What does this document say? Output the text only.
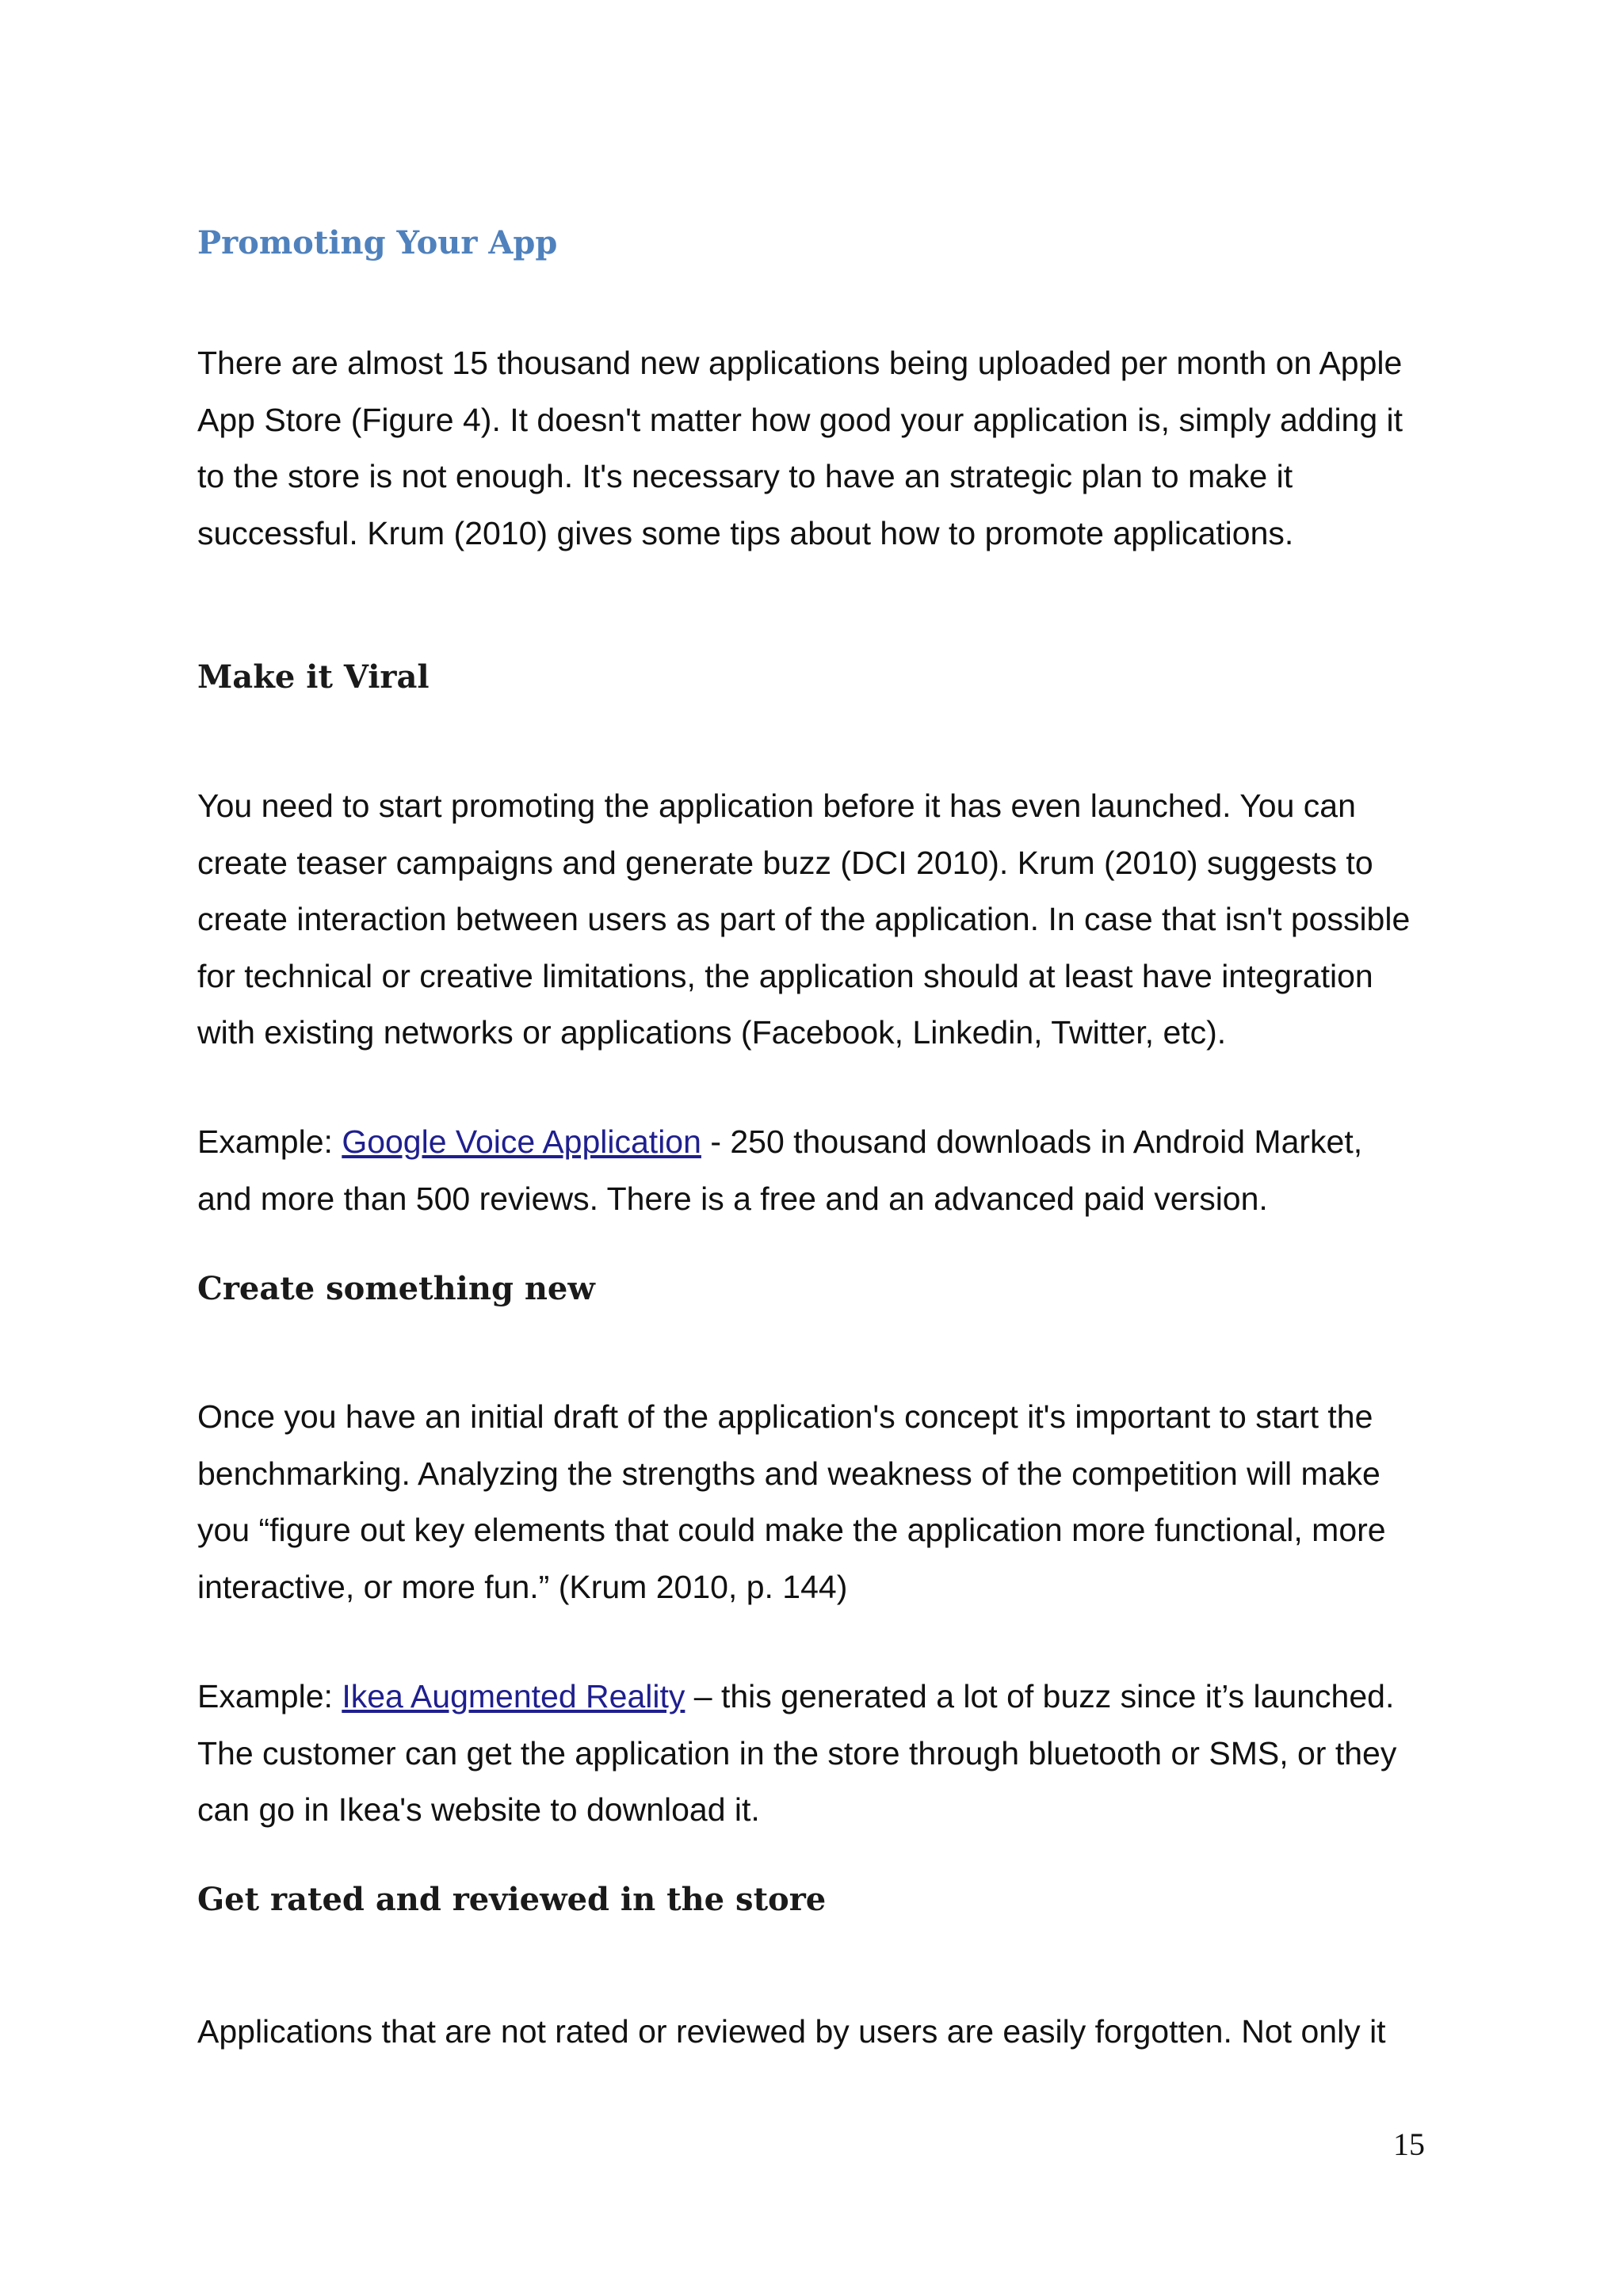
Promoting Your App

There are almost 15 thousand new applications being uploaded per month on Apple
App Store (Figure 4). It doesn't matter how good your application is, simply adding it
to the store is not enough. It's necessary to have an strategic plan to make it
successful. Krum (2010) gives some tips about how to promote applications.

Make it Viral

You need to start promoting the application before it has even launched. You can
create teaser campaigns and generate buzz (DCI 2010). Krum (2010) suggests to
create interaction between users as part of the application. In case that isn't possible
for technical or creative limitations, the application should at least have integration
with existing networks or applications (Facebook, Linkedin, Twitter, etc).

Example: Google Voice Application - 250 thousand downloads in Android Market,
and more than 500 reviews. There is a free and an advanced paid version.

Create something new

Once you have an initial draft of the application's concept it's important to start the
benchmarking. Analyzing the strengths and weakness of the competition will make
you “figure out key elements that could make the application more functional, more
interactive, or more fun.” (Krum 2010, p. 144)

Example: Ikea Augmented Reality – this generated a lot of buzz since it’s launched.
The customer can get the application in the store through bluetooth or SMS, or they
can go in Ikea's website to download it.

Get rated and reviewed in the store

Applications that are not rated or reviewed by users are easily forgotten. Not only it

15
